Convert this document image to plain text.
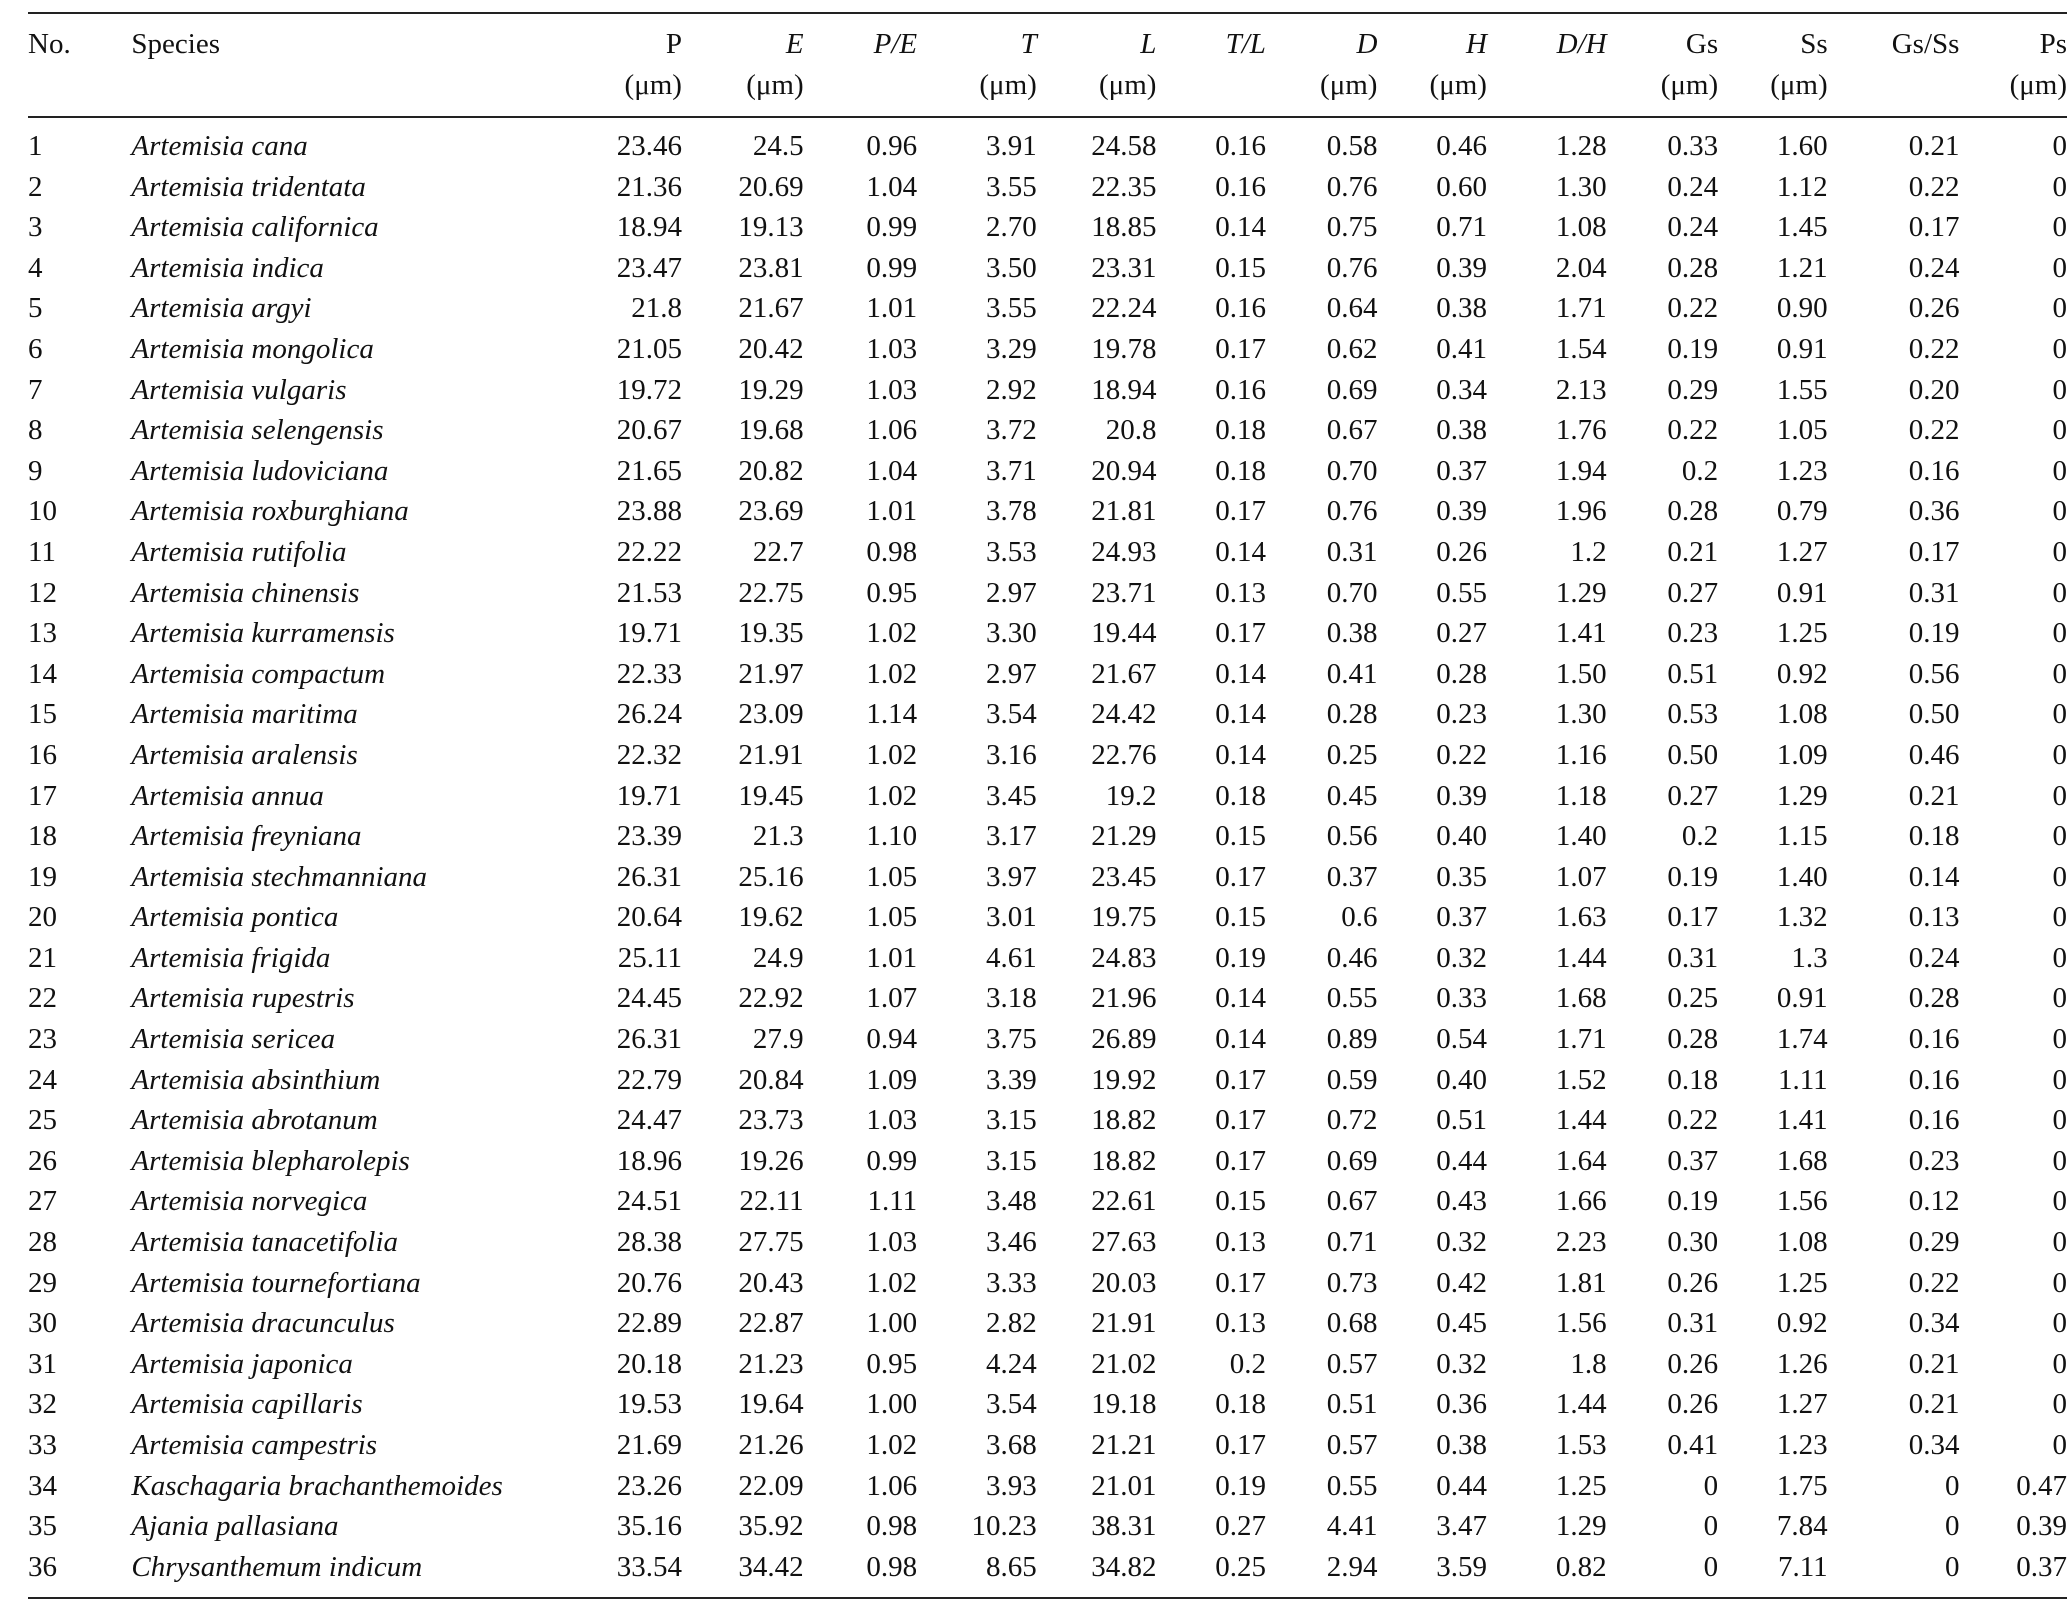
No.	Species	P	E	P/E	T	L	T/L	D	H	D/H	Gs	Ss	Gs/Ss	Ps
		(μm)	(μm)		(μm)	(μm)		(μm)	(μm)		(μm)	(μm)		(μm)
1	Artemisia cana	23.46	24.5	0.96	3.91	24.58	0.16	0.58	0.46	1.28	0.33	1.60	0.21	0
2	Artemisia tridentata	21.36	20.69	1.04	3.55	22.35	0.16	0.76	0.60	1.30	0.24	1.12	0.22	0
3	Artemisia californica	18.94	19.13	0.99	2.70	18.85	0.14	0.75	0.71	1.08	0.24	1.45	0.17	0
4	Artemisia indica	23.47	23.81	0.99	3.50	23.31	0.15	0.76	0.39	2.04	0.28	1.21	0.24	0
5	Artemisia argyi	21.8	21.67	1.01	3.55	22.24	0.16	0.64	0.38	1.71	0.22	0.90	0.26	0
6	Artemisia mongolica	21.05	20.42	1.03	3.29	19.78	0.17	0.62	0.41	1.54	0.19	0.91	0.22	0
7	Artemisia vulgaris	19.72	19.29	1.03	2.92	18.94	0.16	0.69	0.34	2.13	0.29	1.55	0.20	0
8	Artemisia selengensis	20.67	19.68	1.06	3.72	20.8	0.18	0.67	0.38	1.76	0.22	1.05	0.22	0
9	Artemisia ludoviciana	21.65	20.82	1.04	3.71	20.94	0.18	0.70	0.37	1.94	0.2	1.23	0.16	0
10	Artemisia roxburghiana	23.88	23.69	1.01	3.78	21.81	0.17	0.76	0.39	1.96	0.28	0.79	0.36	0
11	Artemisia rutifolia	22.22	22.7	0.98	3.53	24.93	0.14	0.31	0.26	1.2	0.21	1.27	0.17	0
12	Artemisia chinensis	21.53	22.75	0.95	2.97	23.71	0.13	0.70	0.55	1.29	0.27	0.91	0.31	0
13	Artemisia kurramensis	19.71	19.35	1.02	3.30	19.44	0.17	0.38	0.27	1.41	0.23	1.25	0.19	0
14	Artemisia compactum	22.33	21.97	1.02	2.97	21.67	0.14	0.41	0.28	1.50	0.51	0.92	0.56	0
15	Artemisia maritima	26.24	23.09	1.14	3.54	24.42	0.14	0.28	0.23	1.30	0.53	1.08	0.50	0
16	Artemisia aralensis	22.32	21.91	1.02	3.16	22.76	0.14	0.25	0.22	1.16	0.50	1.09	0.46	0
17	Artemisia annua	19.71	19.45	1.02	3.45	19.2	0.18	0.45	0.39	1.18	0.27	1.29	0.21	0
18	Artemisia freyniana	23.39	21.3	1.10	3.17	21.29	0.15	0.56	0.40	1.40	0.2	1.15	0.18	0
19	Artemisia stechmanniana	26.31	25.16	1.05	3.97	23.45	0.17	0.37	0.35	1.07	0.19	1.40	0.14	0
20	Artemisia pontica	20.64	19.62	1.05	3.01	19.75	0.15	0.6	0.37	1.63	0.17	1.32	0.13	0
21	Artemisia frigida	25.11	24.9	1.01	4.61	24.83	0.19	0.46	0.32	1.44	0.31	1.3	0.24	0
22	Artemisia rupestris	24.45	22.92	1.07	3.18	21.96	0.14	0.55	0.33	1.68	0.25	0.91	0.28	0
23	Artemisia sericea	26.31	27.9	0.94	3.75	26.89	0.14	0.89	0.54	1.71	0.28	1.74	0.16	0
24	Artemisia absinthium	22.79	20.84	1.09	3.39	19.92	0.17	0.59	0.40	1.52	0.18	1.11	0.16	0
25	Artemisia abrotanum	24.47	23.73	1.03	3.15	18.82	0.17	0.72	0.51	1.44	0.22	1.41	0.16	0
26	Artemisia blepharolepis	18.96	19.26	0.99	3.15	18.82	0.17	0.69	0.44	1.64	0.37	1.68	0.23	0
27	Artemisia norvegica	24.51	22.11	1.11	3.48	22.61	0.15	0.67	0.43	1.66	0.19	1.56	0.12	0
28	Artemisia tanacetifolia	28.38	27.75	1.03	3.46	27.63	0.13	0.71	0.32	2.23	0.30	1.08	0.29	0
29	Artemisia tournefortiana	20.76	20.43	1.02	3.33	20.03	0.17	0.73	0.42	1.81	0.26	1.25	0.22	0
30	Artemisia dracunculus	22.89	22.87	1.00	2.82	21.91	0.13	0.68	0.45	1.56	0.31	0.92	0.34	0
31	Artemisia japonica	20.18	21.23	0.95	4.24	21.02	0.2	0.57	0.32	1.8	0.26	1.26	0.21	0
32	Artemisia capillaris	19.53	19.64	1.00	3.54	19.18	0.18	0.51	0.36	1.44	0.26	1.27	0.21	0
33	Artemisia campestris	21.69	21.26	1.02	3.68	21.21	0.17	0.57	0.38	1.53	0.41	1.23	0.34	0
34	Kaschagaria brachanthemoides	23.26	22.09	1.06	3.93	21.01	0.19	0.55	0.44	1.25	0	1.75	0	0.47
35	Ajania pallasiana	35.16	35.92	0.98	10.23	38.31	0.27	4.41	3.47	1.29	0	7.84	0	0.39
36	Chrysanthemum indicum	33.54	34.42	0.98	8.65	34.82	0.25	2.94	3.59	0.82	0	7.11	0	0.37
